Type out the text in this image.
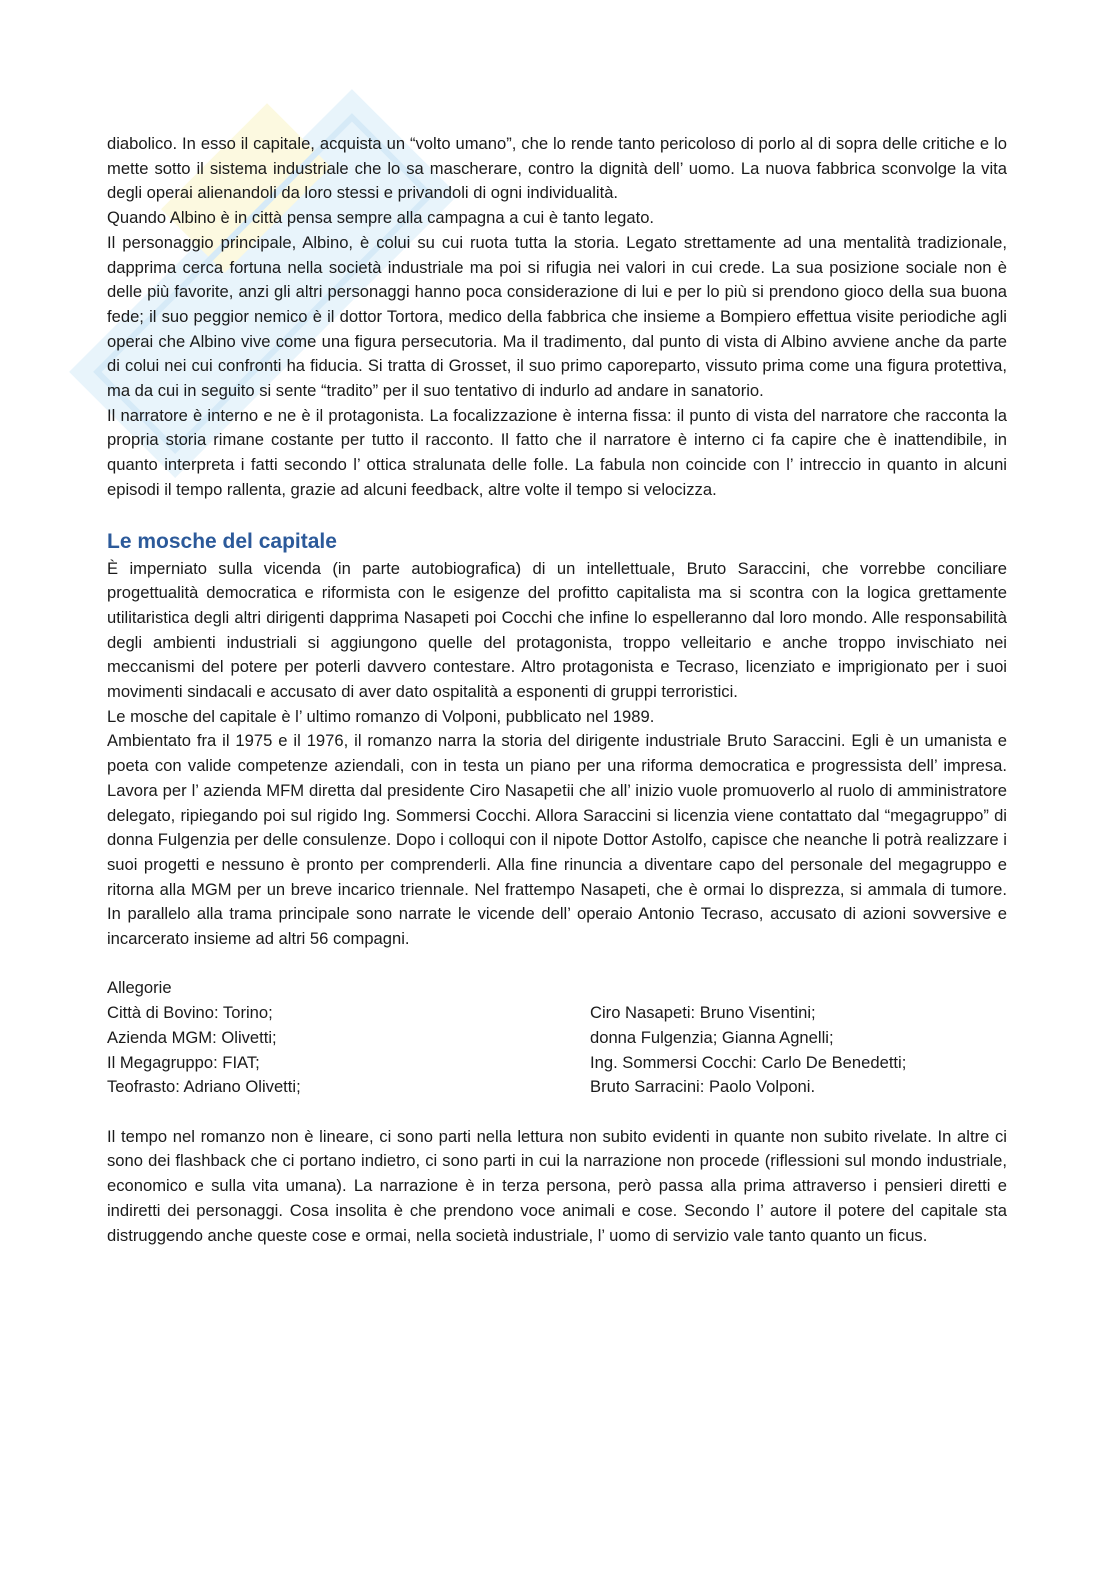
diabolico. In esso il capitale, acquista un “volto umano”, che lo rende tanto pericoloso di porlo al di sopra delle critiche e lo mette sotto il sistema industriale che lo sa mascherare, contro la dignità dell’ uomo. La nuova fabbrica sconvolge la vita degli operai alienandoli da loro stessi e privandoli di ogni individualità.

Quando Albino è in città pensa sempre alla campagna a cui è tanto legato.

Il personaggio principale, Albino, è colui su cui ruota tutta la storia. Legato strettamente ad una mentalità tradizionale, dapprima cerca fortuna nella società industriale ma poi si rifugia nei valori in cui crede. La sua posizione sociale non è delle più favorite, anzi gli altri personaggi hanno poca considerazione di lui e per lo più si prendono gioco della sua buona fede; il suo peggior nemico è il dottor Tortora, medico della fabbrica che insieme a Bompiero effettua visite periodiche agli operai che Albino vive come una figura persecutoria. Ma il tradimento, dal punto di vista di Albino avviene anche da parte di colui nei cui confronti ha fiducia. Si tratta di Grosset, il suo primo caporeparto, vissuto prima come una figura protettiva, ma da cui in seguito si sente “tradito” per il suo tentativo di indurlo ad andare in sanatorio.

Il narratore è interno e ne è il protagonista. La focalizzazione è interna fissa: il punto di vista del narratore che racconta la propria storia rimane costante per tutto il racconto. Il fatto che il narratore è interno ci fa capire che è inattendibile, in quanto interpreta i fatti secondo l’ ottica stralunata delle folle. La fabula non coincide con l’ intreccio in quanto in alcuni episodi il tempo rallenta, grazie ad alcuni feedback, altre volte il tempo si velocizza.

Le mosche del capitale

È imperniato sulla vicenda (in parte autobiografica) di un intellettuale, Bruto Saraccini, che vorrebbe conciliare progettualità democratica e riformista con le esigenze del profitto capitalista ma si scontra con la logica grettamente utilitaristica degli altri dirigenti dapprima Nasapeti poi Cocchi che infine lo espelleranno dal loro mondo. Alle responsabilità degli ambienti industriali si aggiungono quelle del protagonista, troppo velleitario e anche troppo invischiato nei meccanismi del potere per poterli davvero contestare. Altro protagonista e Tecraso, licenziato e imprigionato per i suoi movimenti sindacali e accusato di aver dato ospitalità a esponenti di gruppi terroristici.

Le mosche del capitale è l’ ultimo romanzo di Volponi, pubblicato nel 1989.

Ambientato fra il 1975 e il 1976, il romanzo narra la storia del dirigente industriale Bruto Saraccini. Egli è un umanista e poeta con valide competenze aziendali, con in testa un piano per una riforma democratica e progressista dell’ impresa. Lavora per l’ azienda MFM diretta dal presidente Ciro Nasapetii che all’ inizio vuole promuoverlo al ruolo di amministratore delegato, ripiegando poi sul rigido Ing. Sommersi Cocchi. Allora Saraccini si licenzia viene contattato dal “megagruppo” di donna Fulgenzia per delle consulenze. Dopo i colloqui con il nipote Dottor Astolfo, capisce che neanche li potrà realizzare i suoi progetti e nessuno è pronto per comprenderli. Alla fine rinuncia a diventare capo del personale del megagruppo e ritorna alla MGM per un breve incarico triennale. Nel frattempo Nasapeti, che è ormai lo disprezza, si ammala di tumore. In parallelo alla trama principale sono narrate le vicende dell’ operaio Antonio Tecraso, accusato di azioni sovversive e incarcerato insieme ad altri 56 compagni.

Allegorie

Città di Bovino: Torino;
Azienda MGM: Olivetti;
Il Megagruppo: FIAT;
Teofrasto: Adriano Olivetti;
Ciro Nasapeti: Bruno Visentini;
donna Fulgenzia; Gianna Agnelli;
Ing. Sommersi Cocchi: Carlo De Benedetti;
Bruto Sarracini: Paolo Volponi.

Il tempo nel romanzo non è lineare, ci sono parti nella lettura non subito evidenti in quante non subito rivelate. In altre ci sono dei flashback che ci portano indietro, ci sono parti in cui la narrazione non procede (riflessioni sul mondo industriale, economico e sulla vita umana). La narrazione è in terza persona, però passa alla prima attraverso i pensieri diretti e indiretti dei personaggi. Cosa insolita è che prendono voce animali e cose. Secondo l’ autore il potere del capitale sta distruggendo anche queste cose e ormai, nella società industriale, l’ uomo di servizio vale tanto quanto un ficus.
